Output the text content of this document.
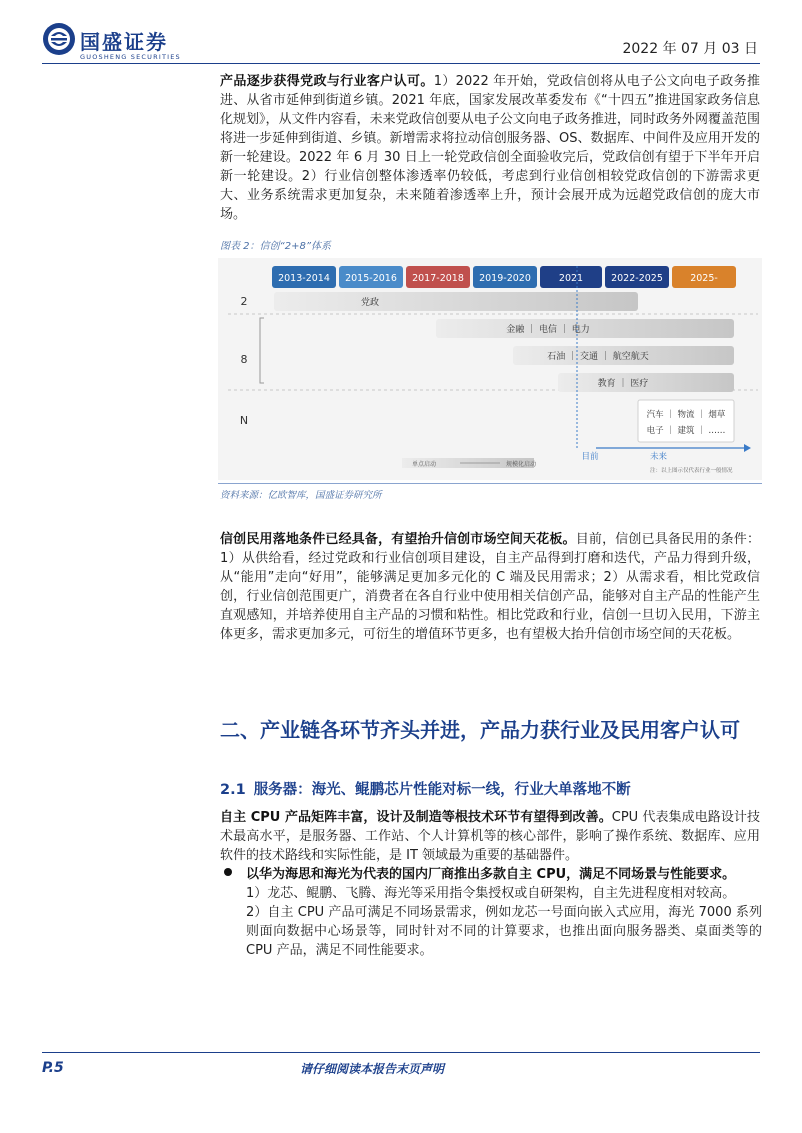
国盛证券
GUOSHENG SECURITIES	2022 年 07 月 03 日
产品逐步获得党政与行业客户认可。1）2022 年开始，党政信创将从电子公文向电子政务推进、从省市延伸到街道乡镇。2021 年底，国家发展改革委发布《“十四五”推进国家政务信息化规划》，从文件内容看，未来党政信创要从电子公文向电子政务推进，同时政务外网覆盖范围将进一步延伸到街道、乡镇。新增需求将拉动信创服务器、OS、数据库、中间件及应用开发的新一轮建设。2022 年 6 月 30 日上一轮党政信创全面验收完后，党政信创有望于下半年开启新一轮建设。2）行业信创整体渗透率仍较低，考虑到行业信创相较党政信创的下游需求更大、业务系统需求更加复杂，未来随着渗透率上升，预计会展开成为远超党政信创的庞大市场。
图表 2：信创“2+8”体系
2013-2014 2015-2016 2017-2018 2019-2020	2021	2022-2025	2025-
2
8
N
党政
金融 ｜ 电信 ｜ 电力
石油 ｜ 交通 ｜ 航空航天
教育 ｜ 医疗
汽车 ｜ 物流 ｜ 烟草
电子 ｜ 建筑 ｜ ……
目前	未来
单点启动	规模化启动
注：以上图示仅代表行业一般情况
资料来源：亿欧智库，国盛证券研究所
信创民用落地条件已经具备，有望抬升信创市场空间天花板。目前，信创已具备民用的条件：1）从供给看，经过党政和行业信创项目建设，自主产品得到打磨和迭代，产品力得到升级，从“能用”走向“好用”，能够满足更加多元化的 C 端及民用需求；2）从需求看，相比党政信创，行业信创范围更广，消费者在各自行业中使用相关信创产品，能够对自主产品的性能产生直观感知，并培养使用自主产品的习惯和粘性。相比党政和行业，信创一旦切入民用，下游主体更多，需求更加多元，可衍生的增值环节更多，也有望极大抬升信创市场空间的天花板。
二、产业链各环节齐头并进，产品力获行业及民用客户认可
2.1 服务器：海光、鲲鹏芯片性能对标一线，行业大单落地不断
自主 CPU 产品矩阵丰富，设计及制造等根技术环节有望得到改善。CPU 代表集成电路设计技术最高水平，是服务器、工作站、个人计算机等的核心部件，影响了操作系统、数据库、应用软件的技术路线和实际性能，是 IT 领域最为重要的基础器件。
以华为海思和海光为代表的国内厂商推出多款自主 CPU，满足不同场景与性能要求。
1）龙芯、鲲鹏、飞腾、海光等采用指令集授权或自研架构，自主先进程度相对较高。
2）自主 CPU 产品可满足不同场景需求，例如龙芯一号面向嵌入式应用，海光 7000 系列则面向数据中心场景等，同时针对不同的计算要求，也推出面向服务器类、桌面类等的 CPU 产品，满足不同性能要求。
P.5	请仔细阅读本报告末页声明
